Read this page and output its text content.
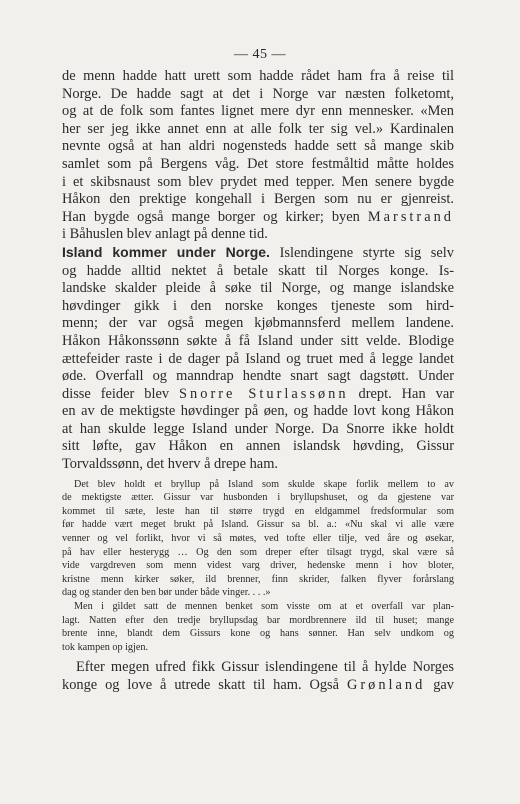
— 45 —

de menn hadde hatt urett som hadde rådet ham fra å reise til

Norge. De hadde sagt at det i Norge var næsten folketomt,

og at de folk som fantes lignet mere dyr enn mennesker. «Men

her ser jeg ikke annet enn at alle folk ter sig vel.» Kardinalen

nevnte også at han aldri nogensteds hadde sett så mange skib

samlet som på Bergens våg. Det store festmåltid måtte holdes

i et skibsnaust som blev prydet med tepper. Men senere bygde

Håkon den prektige kongehall i Bergen som nu er gjenreist.

Han bygde også mange borger og kirker; byen Marstrand

i Båhuslen blev anlagt på denne tid.

Island kommer under Norge. Islendingene styrte sig selv

og hadde alltid nektet å betale skatt til Norges konge. Is-

landske skalder pleide å søke til Norge, og mange islandske

høvdinger gikk i den norske konges tjeneste som hird-

menn; der var også megen kjøbmannsferd mellem landene.

Håkon Håkonssønn søkte å få Island under sitt velde. Blodige

ættefeider raste i de dager på Island og truet med å legge landet

øde. Overfall og manndrap hendte snart sagt dagstøtt. Under

disse feider blev Snorre Sturlassønn drept. Han var

en av de mektigste høvdinger på øen, og hadde lovt kong Håkon

at han skulde legge Island under Norge. Da Snorre ikke holdt

sitt løfte, gav Håkon en annen islandsk høvding, Gissur

Torvaldssønn, det hverv å drepe ham.

Det blev holdt et bryllup på Island som skulde skape forlik mellem to av

de mektigste ætter. Gissur var husbonden i bryllupshuset, og da gjestene var

kommet til sæte, leste han til større trygd en eldgammel fredsformular som

før hadde vært meget brukt på Island. Gissur sa bl. a.: «Nu skal vi alle være

venner og vel forlikt, hvor vi så møtes, ved tofte eller tilje, ved åre og øsekar,

på hav eller hesterygg … Og den som dreper efter tilsagt trygd, skal være så

vide vargdreven som menn videst varg driver, hedenske menn i hov bloter,

kristne menn kirker søker, ild brenner, finn skrider, falken flyver forårslang

dag og stander den ben bør under både vinger. . . .»

Men i gildet satt de mennen benket som visste om at et overfall var plan-

lagt. Natten efter den tredje bryllupsdag bar mordbrennere ild til huset; mange

brente inne, blandt dem Gissurs kone og hans sønner. Han selv undkom og

tok kampen op igjen.

Efter megen ufred fikk Gissur islendingene til å hylde Norges

konge og love å utrede skatt til ham. Også Grønland gav
